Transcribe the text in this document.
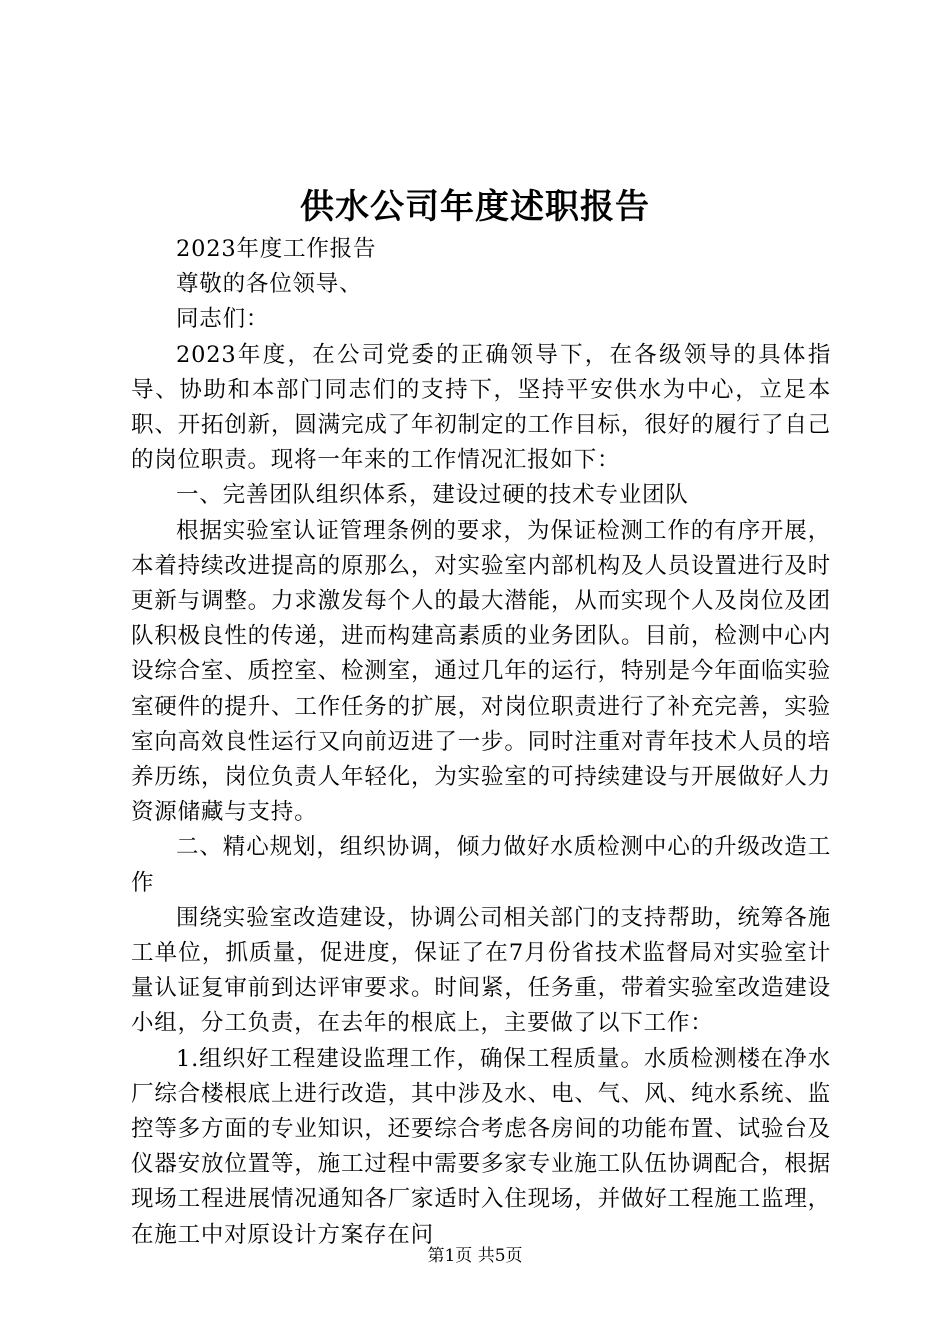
供水公司年度述职报告

2023年度工作报告

尊敬的各位领导、

同志们：

2023年度，在公司党委的正确领导下，在各级领导的具体指导、协助和本部门同志们的支持下，坚持平安供水为中心，立足本职、开拓创新，圆满完成了年初制定的工作目标，很好的履行了自己的岗位职责。现将一年来的工作情况汇报如下：

一、完善团队组织体系，建设过硬的技术专业团队

根据实验室认证管理条例的要求，为保证检测工作的有序开展，本着持续改进提高的原那么，对实验室内部机构及人员设置进行及时更新与调整。力求激发每个人的最大潜能，从而实现个人及岗位及团队积极良性的传递，进而构建高素质的业务团队。目前，检测中心内设综合室、质控室、检测室，通过几年的运行，特别是今年面临实验室硬件的提升、工作任务的扩展，对岗位职责进行了补充完善，实验室向高效良性运行又向前迈进了一步。同时注重对青年技术人员的培养历练，岗位负责人年轻化，为实验室的可持续建设与开展做好人力资源储藏与支持。

二、精心规划，组织协调，倾力做好水质检测中心的升级改造工作

围绕实验室改造建设，协调公司相关部门的支持帮助，统筹各施工单位，抓质量，促进度，保证了在7月份省技术监督局对实验室计量认证复审前到达评审要求。时间紧，任务重，带着实验室改造建设小组，分工负责，在去年的根底上，主要做了以下工作：

1.组织好工程建设监理工作，确保工程质量。水质检测楼在净水厂综合楼根底上进行改造，其中涉及水、电、气、风、纯水系统、监控等多方面的专业知识，还要综合考虑各房间的功能布置、试验台及仪器安放位置等，施工过程中需要多家专业施工队伍协调配合，根据现场工程进展情况通知各厂家适时入住现场，并做好工程施工监理，在施工中对原设计方案存在问

第1页 共5页
